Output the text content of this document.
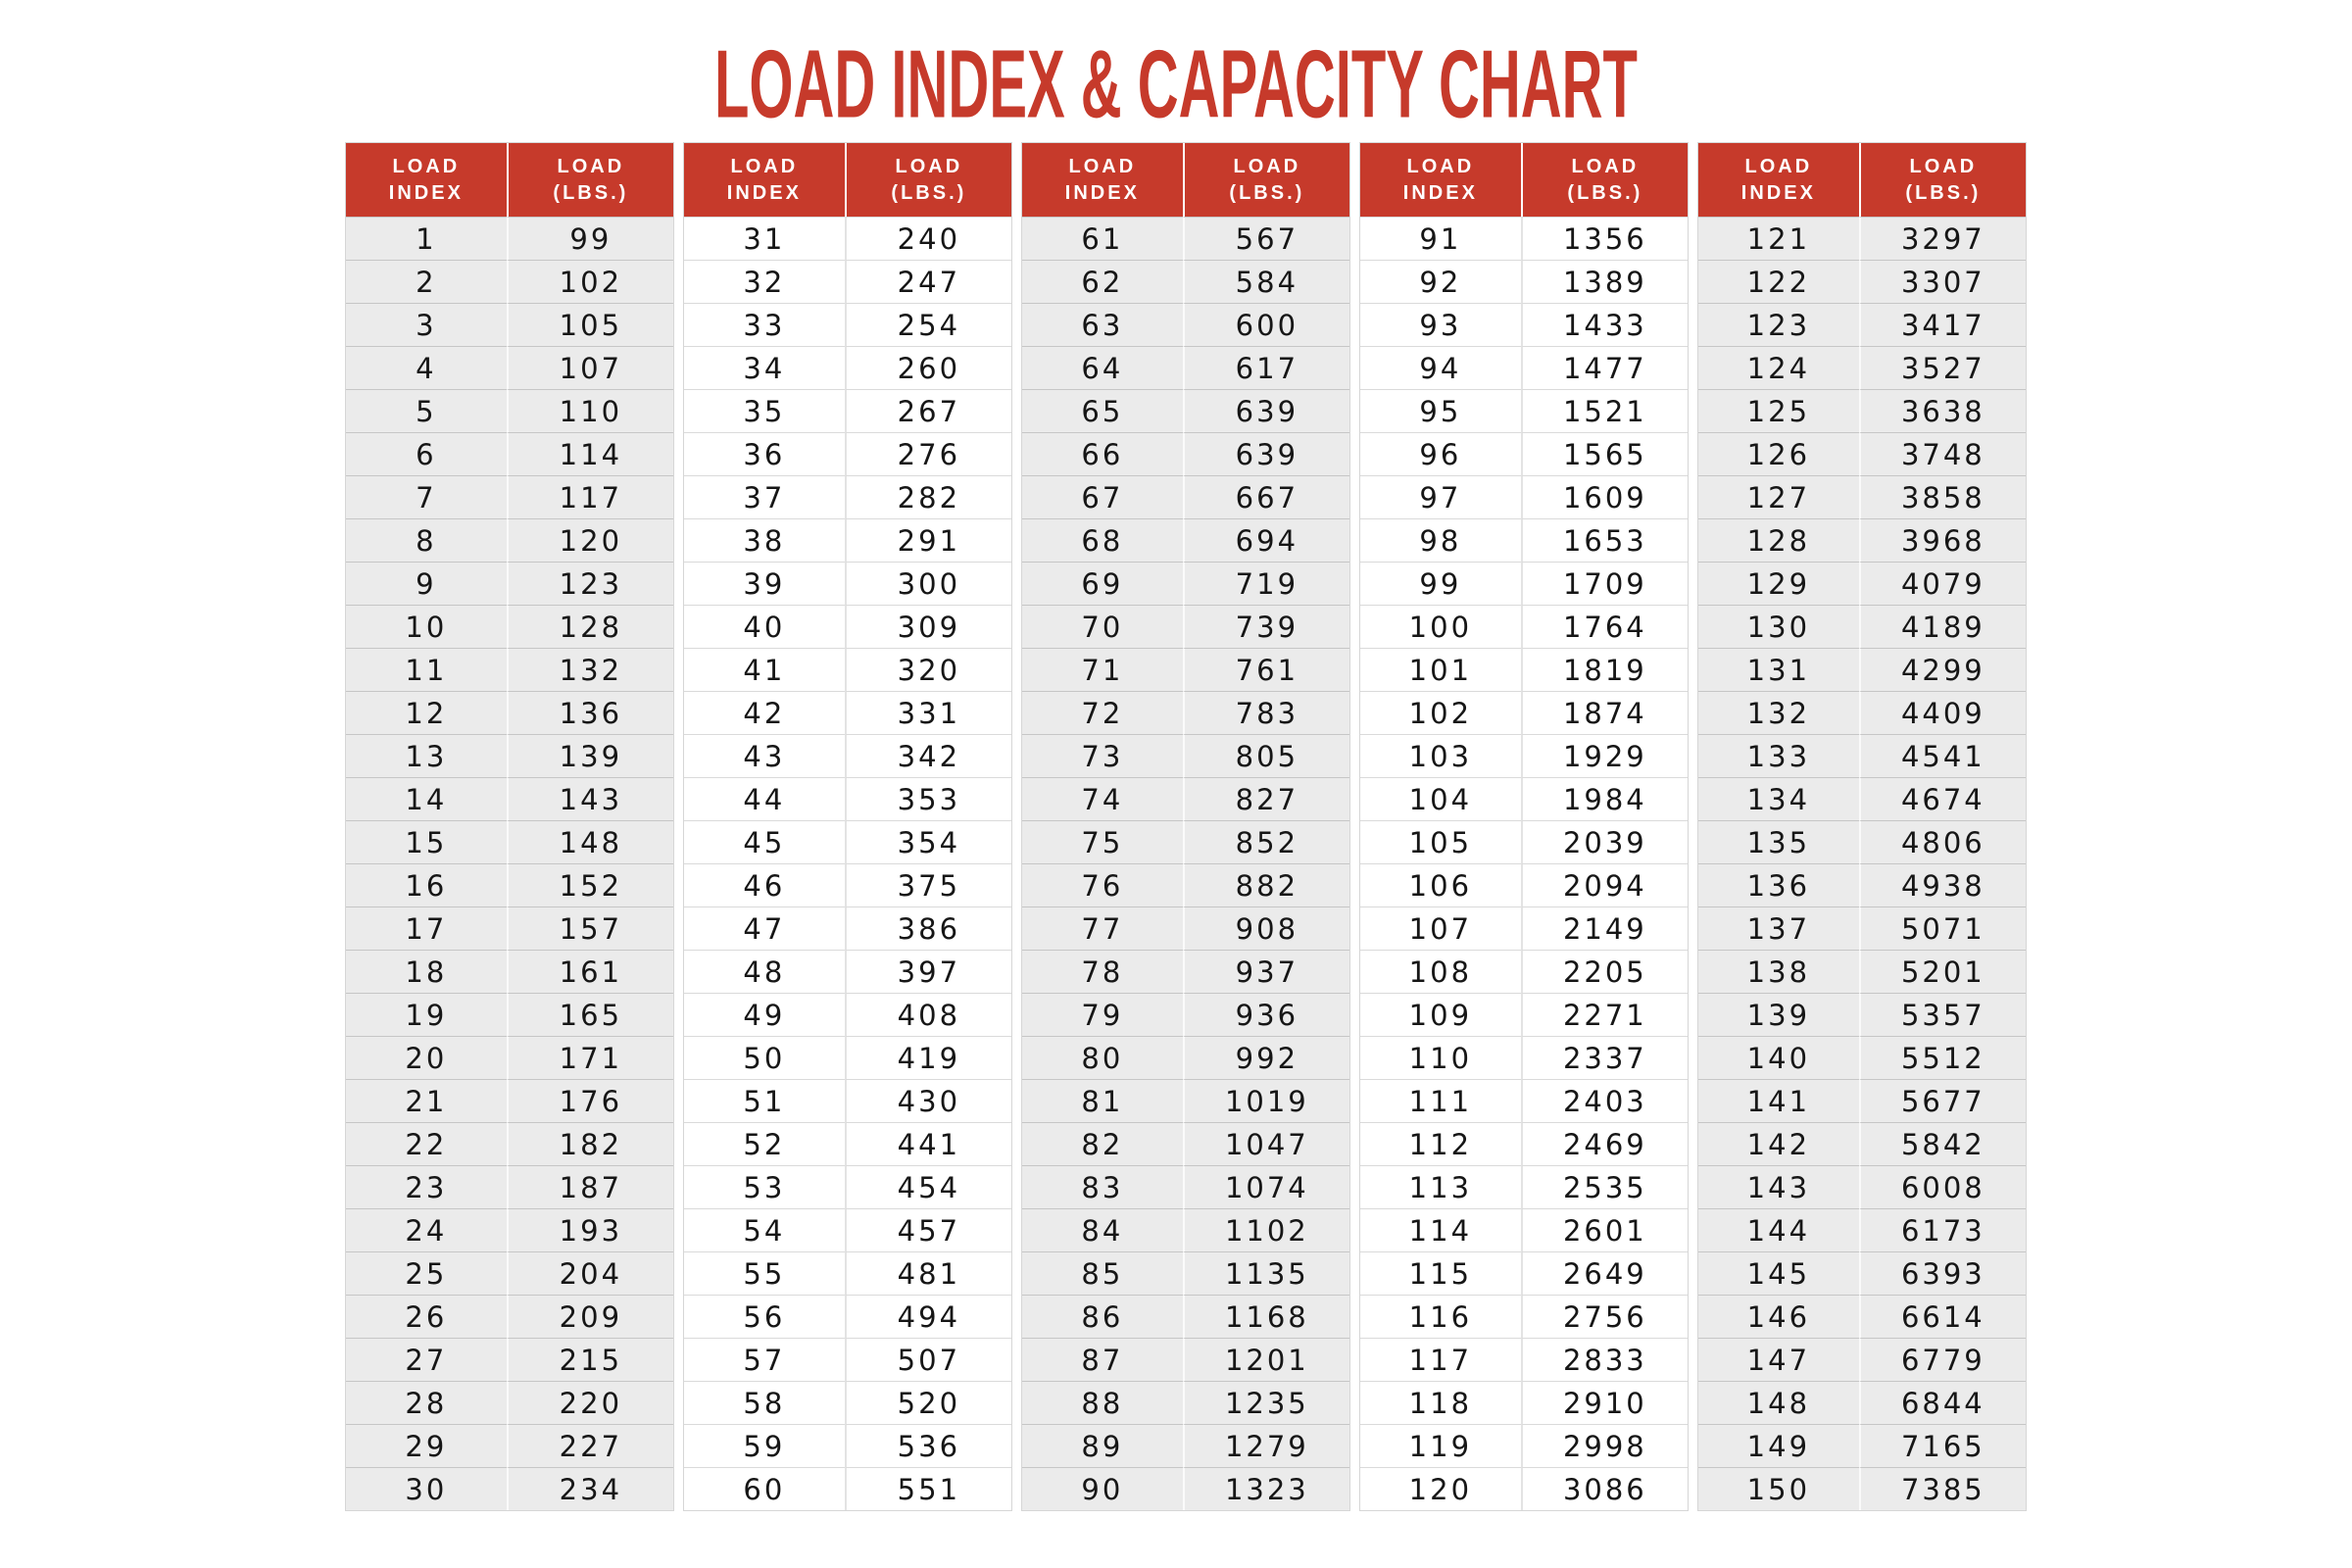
LOAD INDEX & CAPACITY CHART
LOAD
INDEX
LOAD
(LBS.)
1	99
2	102
3	105
4	107
5	110
6	114
7	117
8	120
9	123
10	128
11	132
12	136
13	139
14	143
15	148
16	152
17	157
18	161
19	165
20	171
21	176
22	182
23	187
24	193
25	204
26	209
27	215
28	220
29	227
30	234
LOAD
INDEX
LOAD
(LBS.)
31	240
32	247
33	254
34	260
35	267
36	276
37	282
38	291
39	300
40	309
41	320
42	331
43	342
44	353
45	354
46	375
47	386
48	397
49	408
50	419
51	430
52	441
53	454
54	457
55	481
56	494
57	507
58	520
59	536
60	551
LOAD
INDEX
LOAD
(LBS.)
61	567
62	584
63	600
64	617
65	639
66	639
67	667
68	694
69	719
70	739
71	761
72	783
73	805
74	827
75	852
76	882
77	908
78	937
79	936
80	992
81	1019
82	1047
83	1074
84	1102
85	1135
86	1168
87	1201
88	1235
89	1279
90	1323
LOAD
INDEX
LOAD
(LBS.)
91	1356
92	1389
93	1433
94	1477
95	1521
96	1565
97	1609
98	1653
99	1709
100	1764
101	1819
102	1874
103	1929
104	1984
105	2039
106	2094
107	2149
108	2205
109	2271
110	2337
111	2403
112	2469
113	2535
114	2601
115	2649
116	2756
117	2833
118	2910
119	2998
120	3086
LOAD
INDEX
LOAD
(LBS.)
121	3297
122	3307
123	3417
124	3527
125	3638
126	3748
127	3858
128	3968
129	4079
130	4189
131	4299
132	4409
133	4541
134	4674
135	4806
136	4938
137	5071
138	5201
139	5357
140	5512
141	5677
142	5842
143	6008
144	6173
145	6393
146	6614
147	6779
148	6844
149	7165
150	7385
